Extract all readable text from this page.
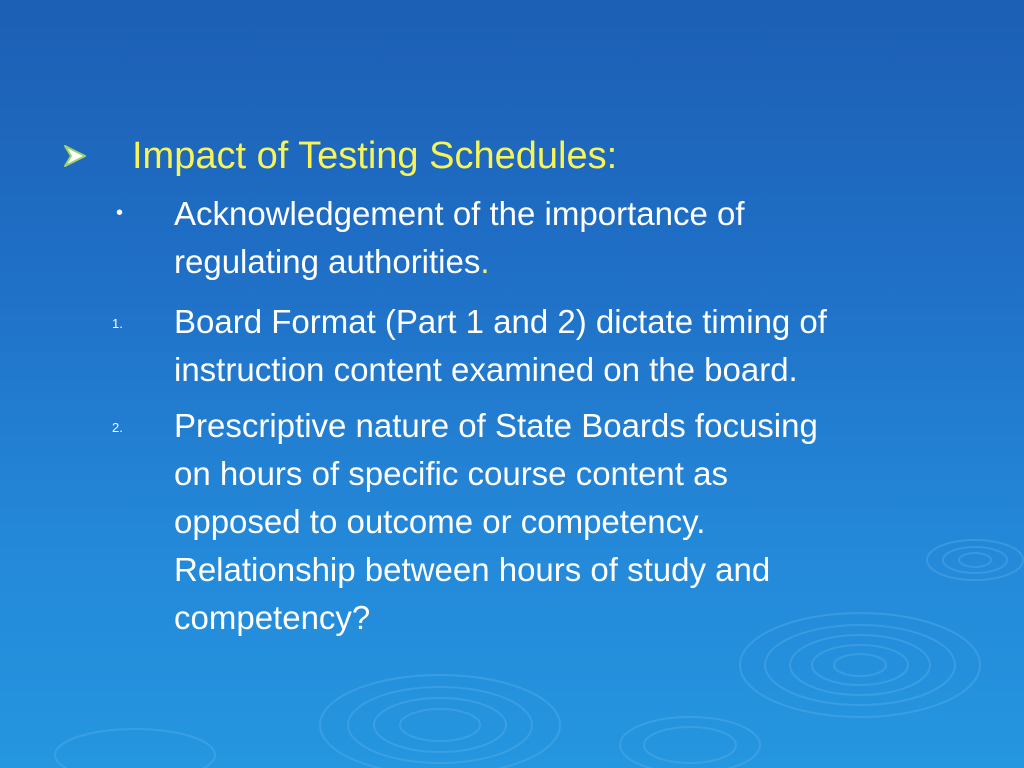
Impact of Testing Schedules:
• Acknowledgement of the importance of
regulating authorities.
1. Board Format (Part 1 and 2) dictate timing of
instruction content examined on the board.
2. Prescriptive nature of State Boards focusing
on hours of specific course content as
opposed to outcome or competency.
Relationship between hours of study and
competency?
